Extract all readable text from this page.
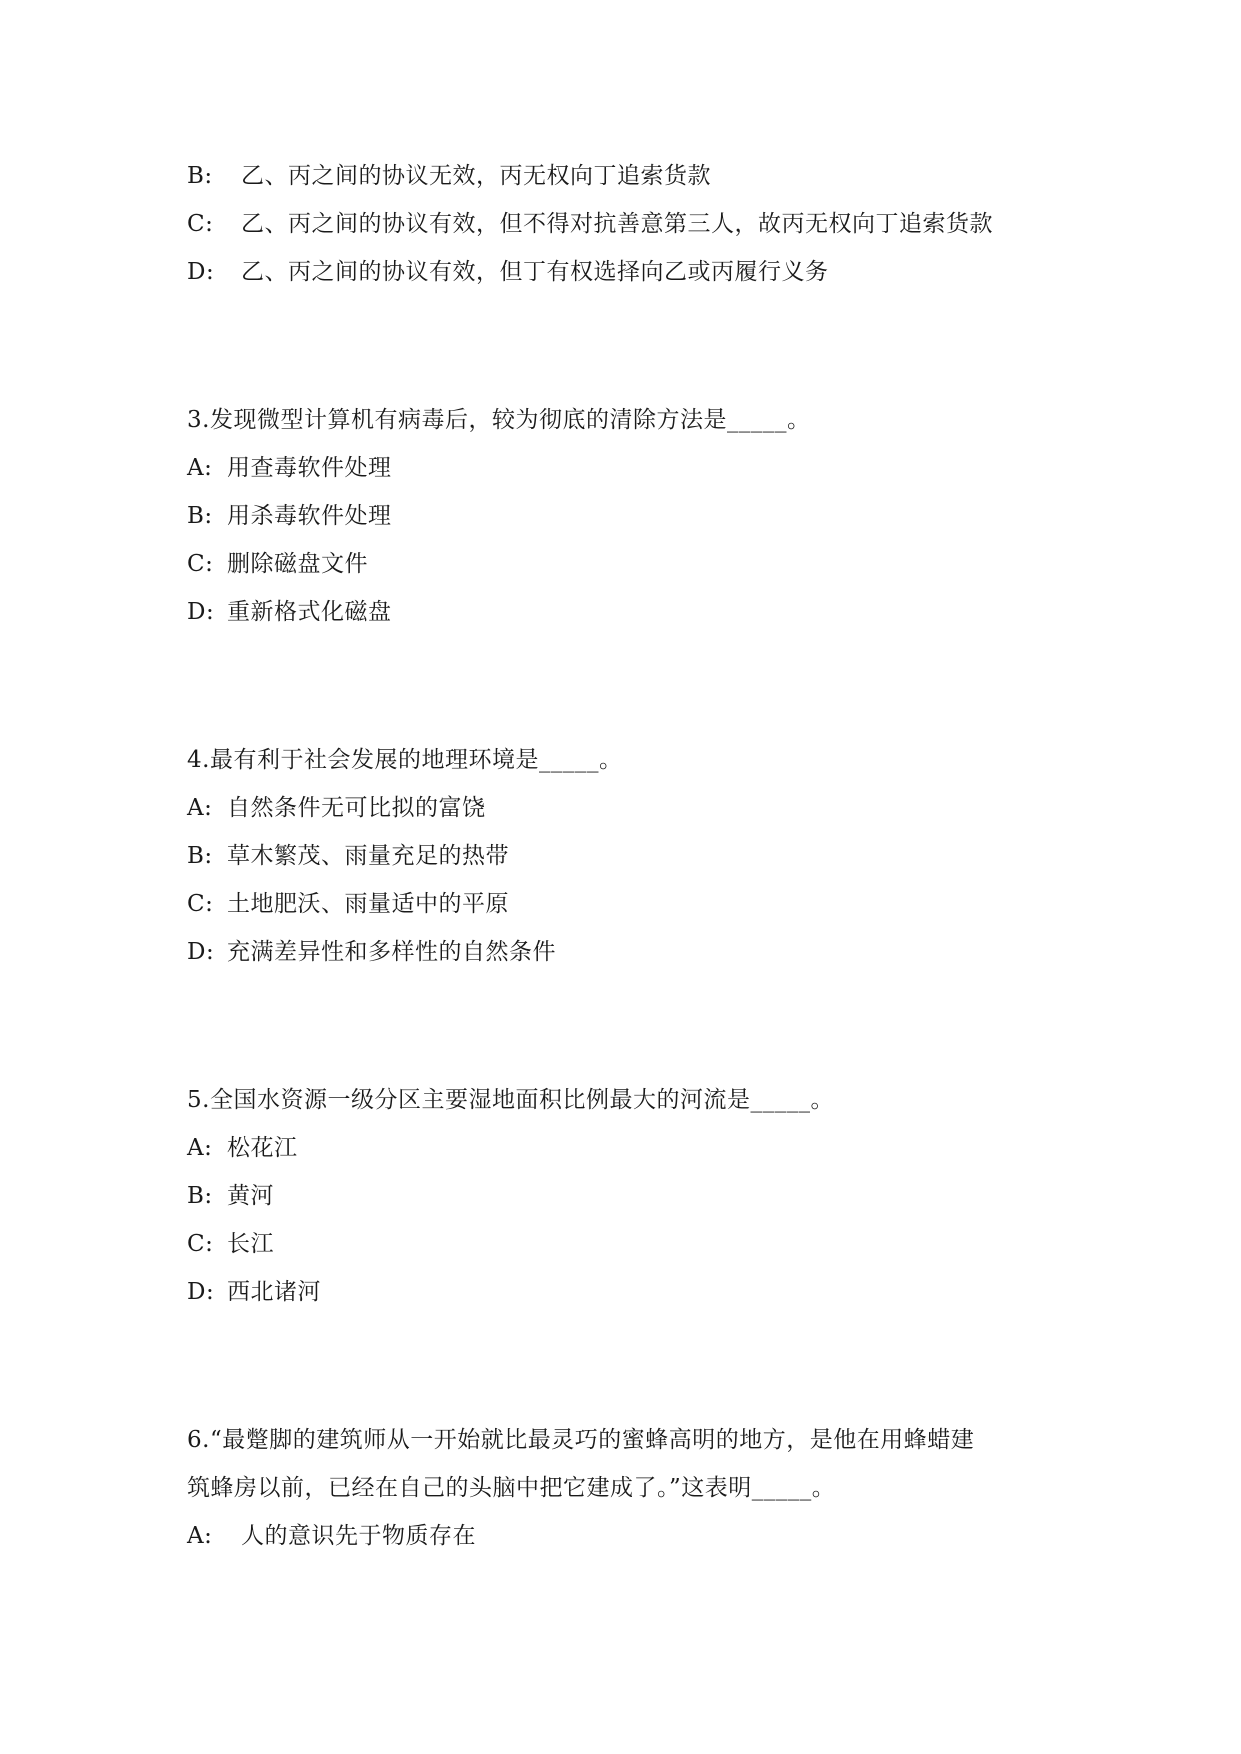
B:	乙、丙之间的协议无效，丙无权向丁追索货款
C:	乙、丙之间的协议有效，但不得对抗善意第三人，故丙无权向丁追索货款
D:	乙、丙之间的协议有效，但丁有权选择向乙或丙履行义务
3.发现微型计算机有病毒后，较为彻底的清除方法是_____。
A: 用查毒软件处理
B: 用杀毒软件处理
C: 删除磁盘文件
D: 重新格式化磁盘
4.最有利于社会发展的地理环境是_____。
A: 自然条件无可比拟的富饶
B: 草木繁茂、雨量充足的热带
C: 土地肥沃、雨量适中的平原
D: 充满差异性和多样性的自然条件
5.全国水资源一级分区主要湿地面积比例最大的河流是_____。
A: 松花江
B: 黄河
C: 长江
D: 西北诸河
6.“最蹩脚的建筑师从一开始就比最灵巧的蜜蜂高明的地方，是他在用蜂蜡建
筑蜂房以前，已经在自己的头脑中把它建成了。”这表明_____。
A:	人的意识先于物质存在
